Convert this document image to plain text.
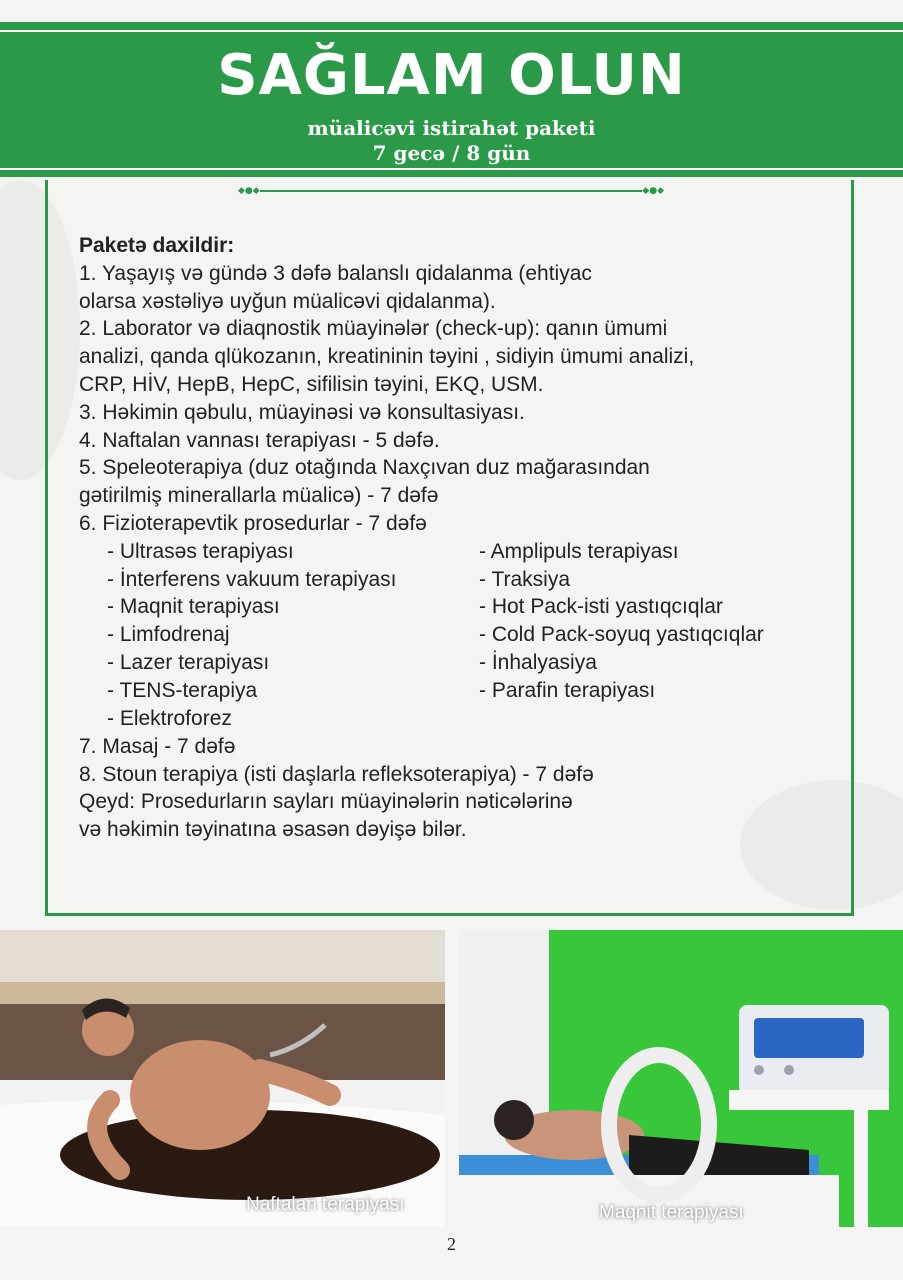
SAĞLAM OLUN
müalicəvi istirahət paketi
7 gecə / 8 gün
◆●◆	◆●◆

Paketə daxildir:

1. Yaşayış və gündə 3 dəfə balanslı qidalanma (ehtiyac

olarsa xəstəliyə uyğun müalicəvi qidalanma).

2. Laborator və diaqnostik müayinələr (check-up): qanın ümumi

analizi, qanda qlükozanın, kreatininin təyini , sidiyin ümumi analizi,

CRP, HİV, HepB, HepC, sifilisin təyini, EKQ, USM.

3. Həkimin qəbulu, müayinəsi və konsultasiyası.

4. Naftalan vannası terapiyası - 5 dəfə.

5. Speleoterapiya (duz otağında Naxçıvan duz mağarasından

gətirilmiş minerallarla müalicə) - 7 dəfə

6. Fizioterapevtik prosedurlar - 7 dəfə

- Ultrasəs terapiyası
- İnterferens vakuum terapiyası
- Maqnit terapiyası
- Limfodrenaj
- Lazer terapiyası
- TENS-terapiya
- Elektroforez
- Amplipuls terapiyası
- Traksiya
- Hot Pack-isti yastıqcıqlar
- Cold Pack-soyuq yastıqcıqlar
- İnhalyasiya
- Parafin terapiyası

7. Masaj - 7 dəfə

8. Stoun terapiya (isti daşlarla refleksoterapiya) - 7 dəfə

Qeyd: Prosedurların sayları müayinələrin nəticələrinə

və həkimin təyinatına əsasən dəyişə bilər.

Naftalan terapiyası	Maqnit terapiyası
2
